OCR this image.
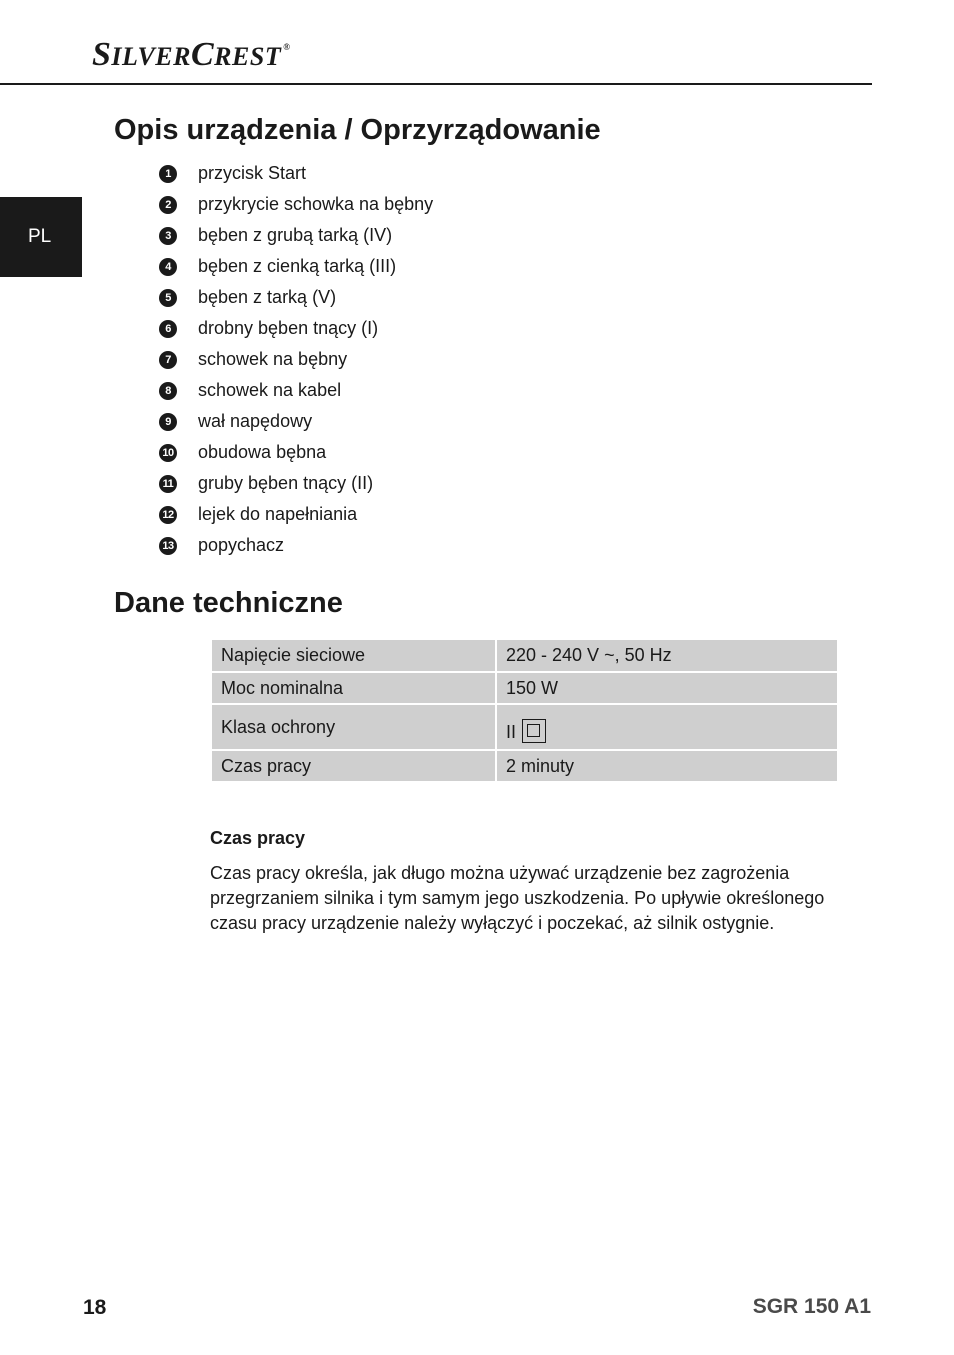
SILVERCREST ®
PL
Opis urządzenia / Oprzyrządowanie
1	przycisk Start
2	przykrycie schowka na bębny
3	bęben z grubą tarką (IV)
4	bęben z cienką tarką (III)
5	bęben z tarką (V)
6	drobny bęben tnący (I)
7	schowek na bębny
8	schowek na kabel
9	wał napędowy
10 obudowa bębna
11 gruby bęben tnący (II)
12 lejek do napełniania
13 popychacz
Dane techniczne
Napięcie sieciowe	220 - 240 V ~, 50 Hz
Moc nominalna	150 W
Klasa ochrony	II

Czas pracy	2 minuty
Czas pracy

Czas pracy określa, jak długo można używać urządzenie bez zagrożenia przegrzaniem silnika i tym samym jego uszkodzenia. Po upływie określonego czasu pracy urządzenie należy wyłączyć i poczekać, aż silnik ostygnie.

18	SGR 150 A1
